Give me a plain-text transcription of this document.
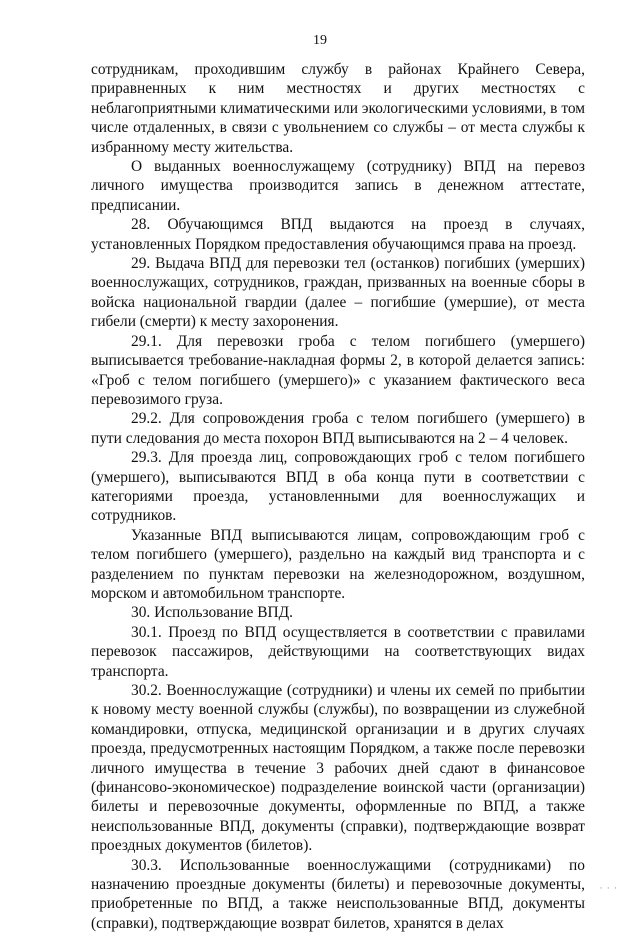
19

сотрудникам, проходившим службу в районах Крайнего Севера, приравненных к ним местностях и других местностях с неблагоприятными климатическими или экологическими условиями, в том числе отдаленных, в связи с увольнением со службы – от места службы к избранному месту жительства.

О выданных военнослужащему (сотруднику) ВПД на перевоз личного имущества производится запись в денежном аттестате, предписании.

28. Обучающимся ВПД выдаются на проезд в случаях, установленных Порядком предоставления обучающимся права на проезд.

29. Выдача ВПД для перевозки тел (останков) погибших (умерших) военнослужащих, сотрудников, граждан, призванных на военные сборы в войска национальной гвардии (далее – погибшие (умершие), от места гибели (смерти) к месту захоронения.

29.1. Для перевозки гроба с телом погибшего (умершего) выписывается требование-накладная формы 2, в которой делается запись: «Гроб с телом погибшего (умершего)» с указанием фактического веса перевозимого груза.

29.2. Для сопровождения гроба с телом погибшего (умершего) в пути следования до места похорон ВПД выписываются на 2 – 4 человек.

29.3. Для проезда лиц, сопровождающих гроб с телом погибшего (умершего), выписываются ВПД в оба конца пути в соответствии с категориями проезда, установленными для военнослужащих и сотрудников.

Указанные ВПД выписываются лицам, сопровождающим гроб с телом погибшего (умершего), раздельно на каждый вид транспорта и с разделением по пунктам перевозки на железнодорожном, воздушном, морском и автомобильном транспорте.

30. Использование ВПД.

30.1. Проезд по ВПД осуществляется в соответствии с правилами перевозок пассажиров, действующими на соответствующих видах транспорта.

30.2. Военнослужащие (сотрудники) и члены их семей по прибытии к новому месту военной службы (службы), по возвращении из служебной командировки, отпуска, медицинской организации и в других случаях проезда, предусмотренных настоящим Порядком, а также после перевозки личного имущества в течение 3 рабочих дней сдают в финансовое (финансово-экономическое) подразделение воинской части (организации) билеты и перевозочные документы, оформленные по ВПД, а также неиспользованные ВПД, документы (справки), подтверждающие возврат проездных документов (билетов).

30.3. Использованные военнослужащими (сотрудниками) по назначению проездные документы (билеты) и перевозочные документы, приобретенные по ВПД, а также неиспользованные ВПД, документы (справки), подтверждающие возврат билетов, хранятся в делах

· · ·
